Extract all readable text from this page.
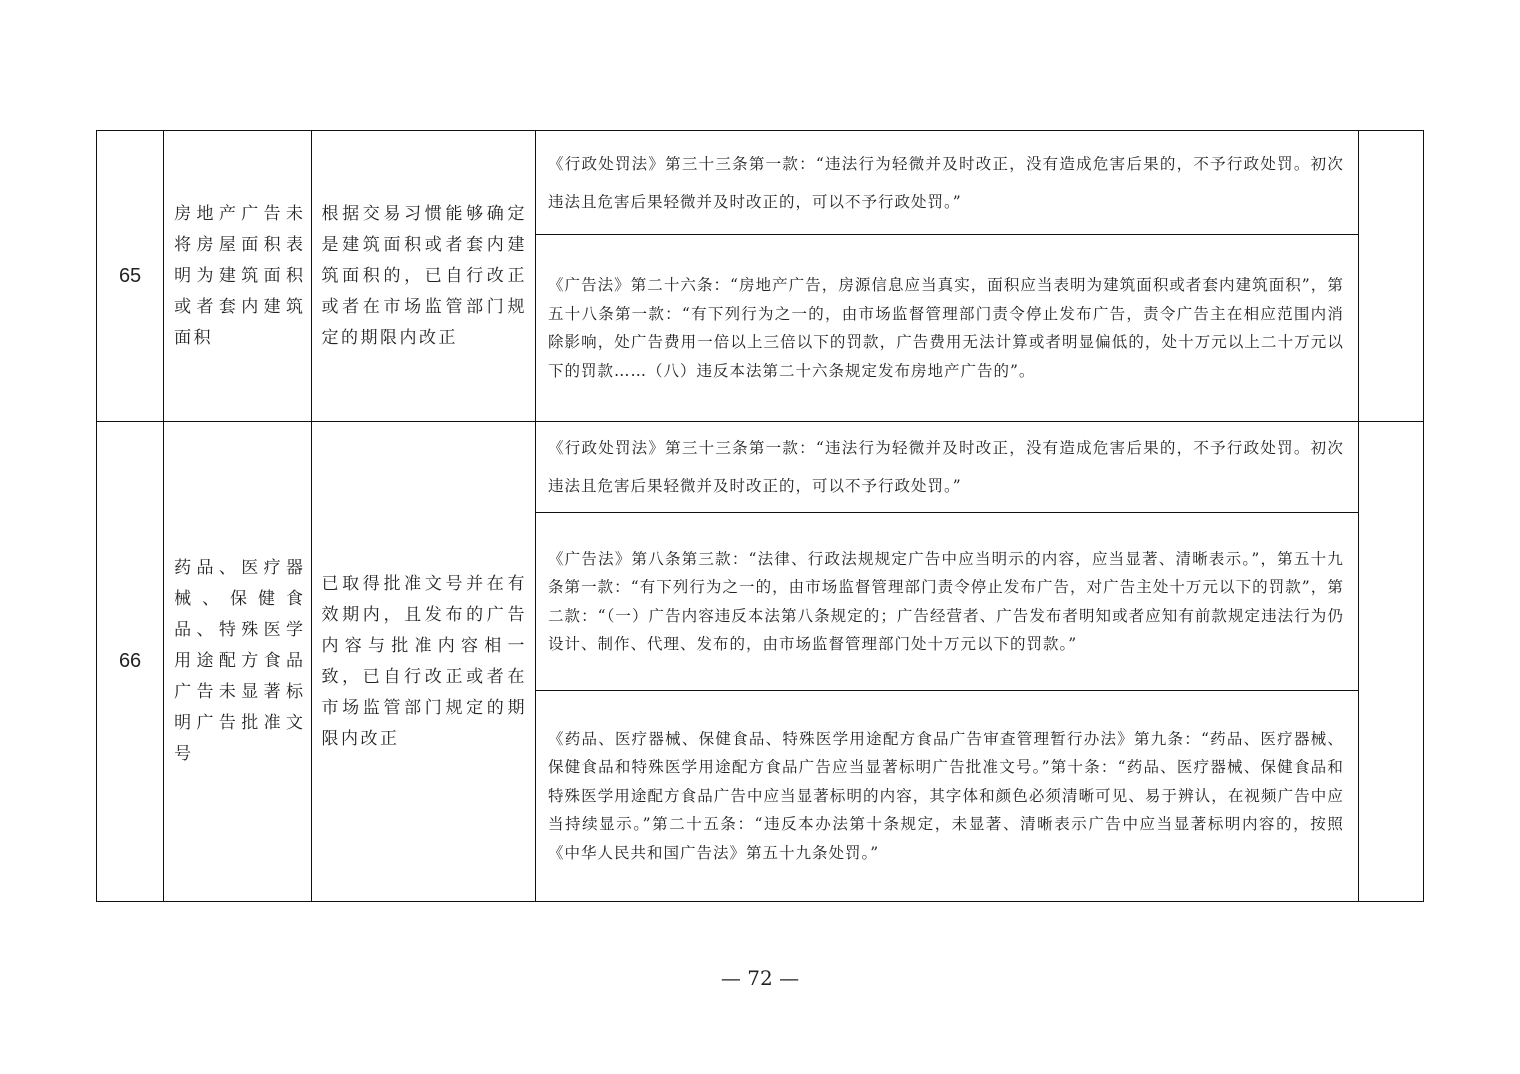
65	房地产广告未将房屋面积表明为建筑面积或者套内建筑面积	根据交易习惯能够确定是建筑面积或者套内建筑面积的，已自行改正或者在市场监管部门规定的期限内改正	《行政处罚法》第三十三条第一款：“违法行为轻微并及时改正，没有造成危害后果的，不予行政处罚。初次违法且危害后果轻微并及时改正的，可以不予行政处罚。”
《广告法》第二十六条：“房地产广告，房源信息应当真实，面积应当表明为建筑面积或者套内建筑面积”，第五十八条第一款：“有下列行为之一的，由市场监督管理部门责令停止发布广告，责令广告主在相应范围内消除影响，处广告费用一倍以上三倍以下的罚款，广告费用无法计算或者明显偏低的，处十万元以上二十万元以下的罚款……（八）违反本法第二十六条规定发布房地产广告的”。	

66	药品、医疗器械、保健食品、特殊医学用途配方食品广告未显著标明广告批准文号	已取得批准文号并在有效期内，且发布的广告内容与批准内容相一致，已自行改正或者在市场监管部门规定的期限内改正	《行政处罚法》第三十三条第一款：“违法行为轻微并及时改正，没有造成危害后果的，不予行政处罚。初次违法且危害后果轻微并及时改正的，可以不予行政处罚。”
《广告法》第八条第三款：“法律、行政法规规定广告中应当明示的内容，应当显著、清晰表示。”，第五十九条第一款：“有下列行为之一的，由市场监督管理部门责令停止发布广告，对广告主处十万元以下的罚款”，第二款：“（一）广告内容违反本法第八条规定的；广告经营者、广告发布者明知或者应知有前款规定违法行为仍设计、制作、代理、发布的，由市场监督管理部门处十万元以下的罚款。”
《药品、医疗器械、保健食品、特殊医学用途配方食品广告审查管理暂行办法》第九条：“药品、医疗器械、保健食品和特殊医学用途配方食品广告应当显著标明广告批准文号。”第十条：“药品、医疗器械、保健食品和特殊医学用途配方食品广告中应当显著标明的内容，其字体和颜色必须清晰可见、易于辨认，在视频广告中应当持续显示。”第二十五条：“违反本办法第十条规定，未显著、清晰表示广告中应当显著标明内容的，按照《中华人民共和国广告法》第五十九条处罚。”	

— 72 —
